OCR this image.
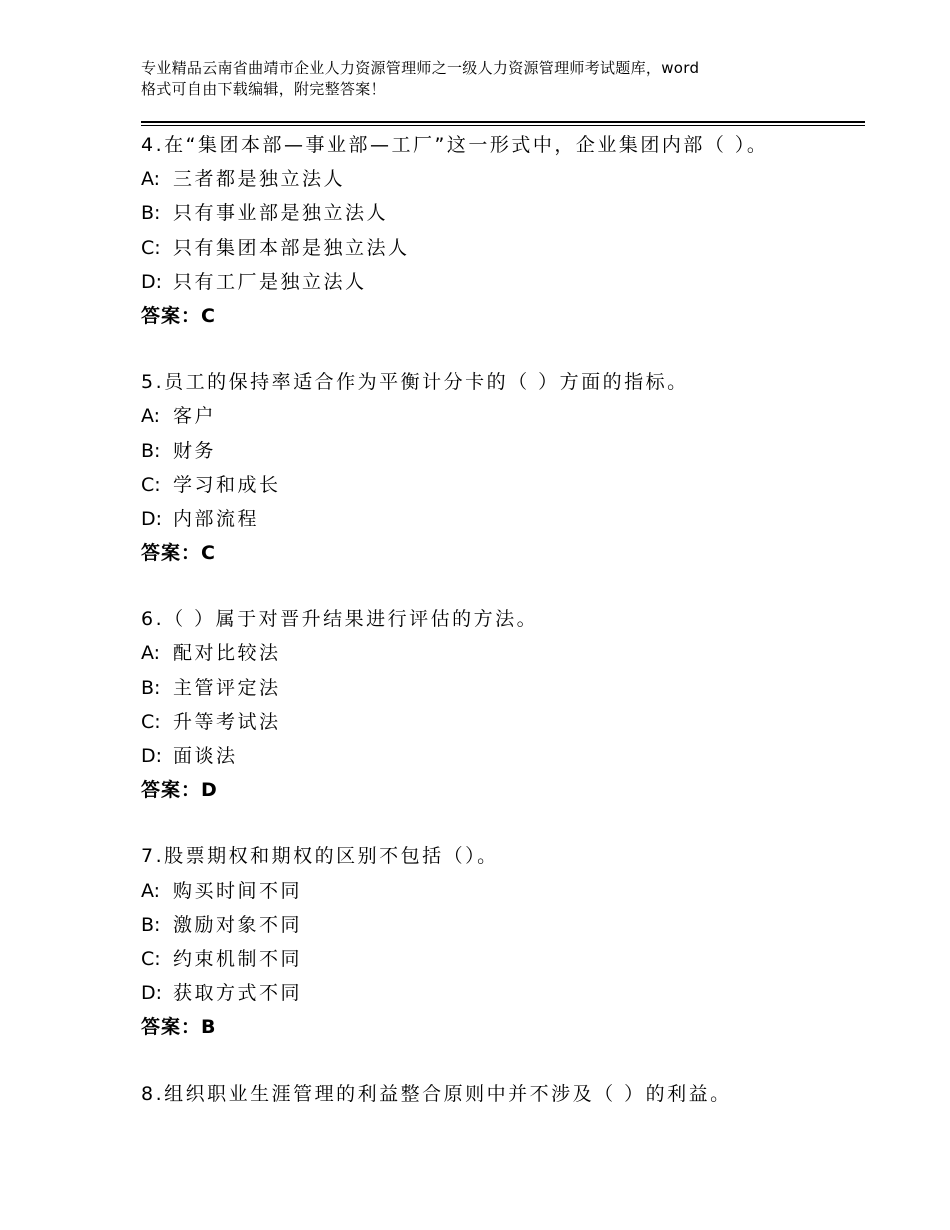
专业精品云南省曲靖市企业人力资源管理师之一级人力资源管理师考试题库，word
格式可自由下载编辑，附完整答案！
4.在“集团本部—事业部—工厂”这一形式中，企业集团内部（ ）。
A: 三者都是独立法人
B: 只有事业部是独立法人
C: 只有集团本部是独立法人
D: 只有工厂是独立法人
答案：C
5.员工的保持率适合作为平衡计分卡的（ ）方面的指标。
A: 客户
B: 财务
C: 学习和成长
D: 内部流程
答案：C
6.（ ）属于对晋升结果进行评估的方法。
A: 配对比较法
B: 主管评定法
C: 升等考试法
D: 面谈法
答案：D
7.股票期权和期权的区别不包括（）。
A: 购买时间不同
B: 激励对象不同
C: 约束机制不同
D: 获取方式不同
答案：B
8.组织职业生涯管理的利益整合原则中并不涉及（ ）的利益。
